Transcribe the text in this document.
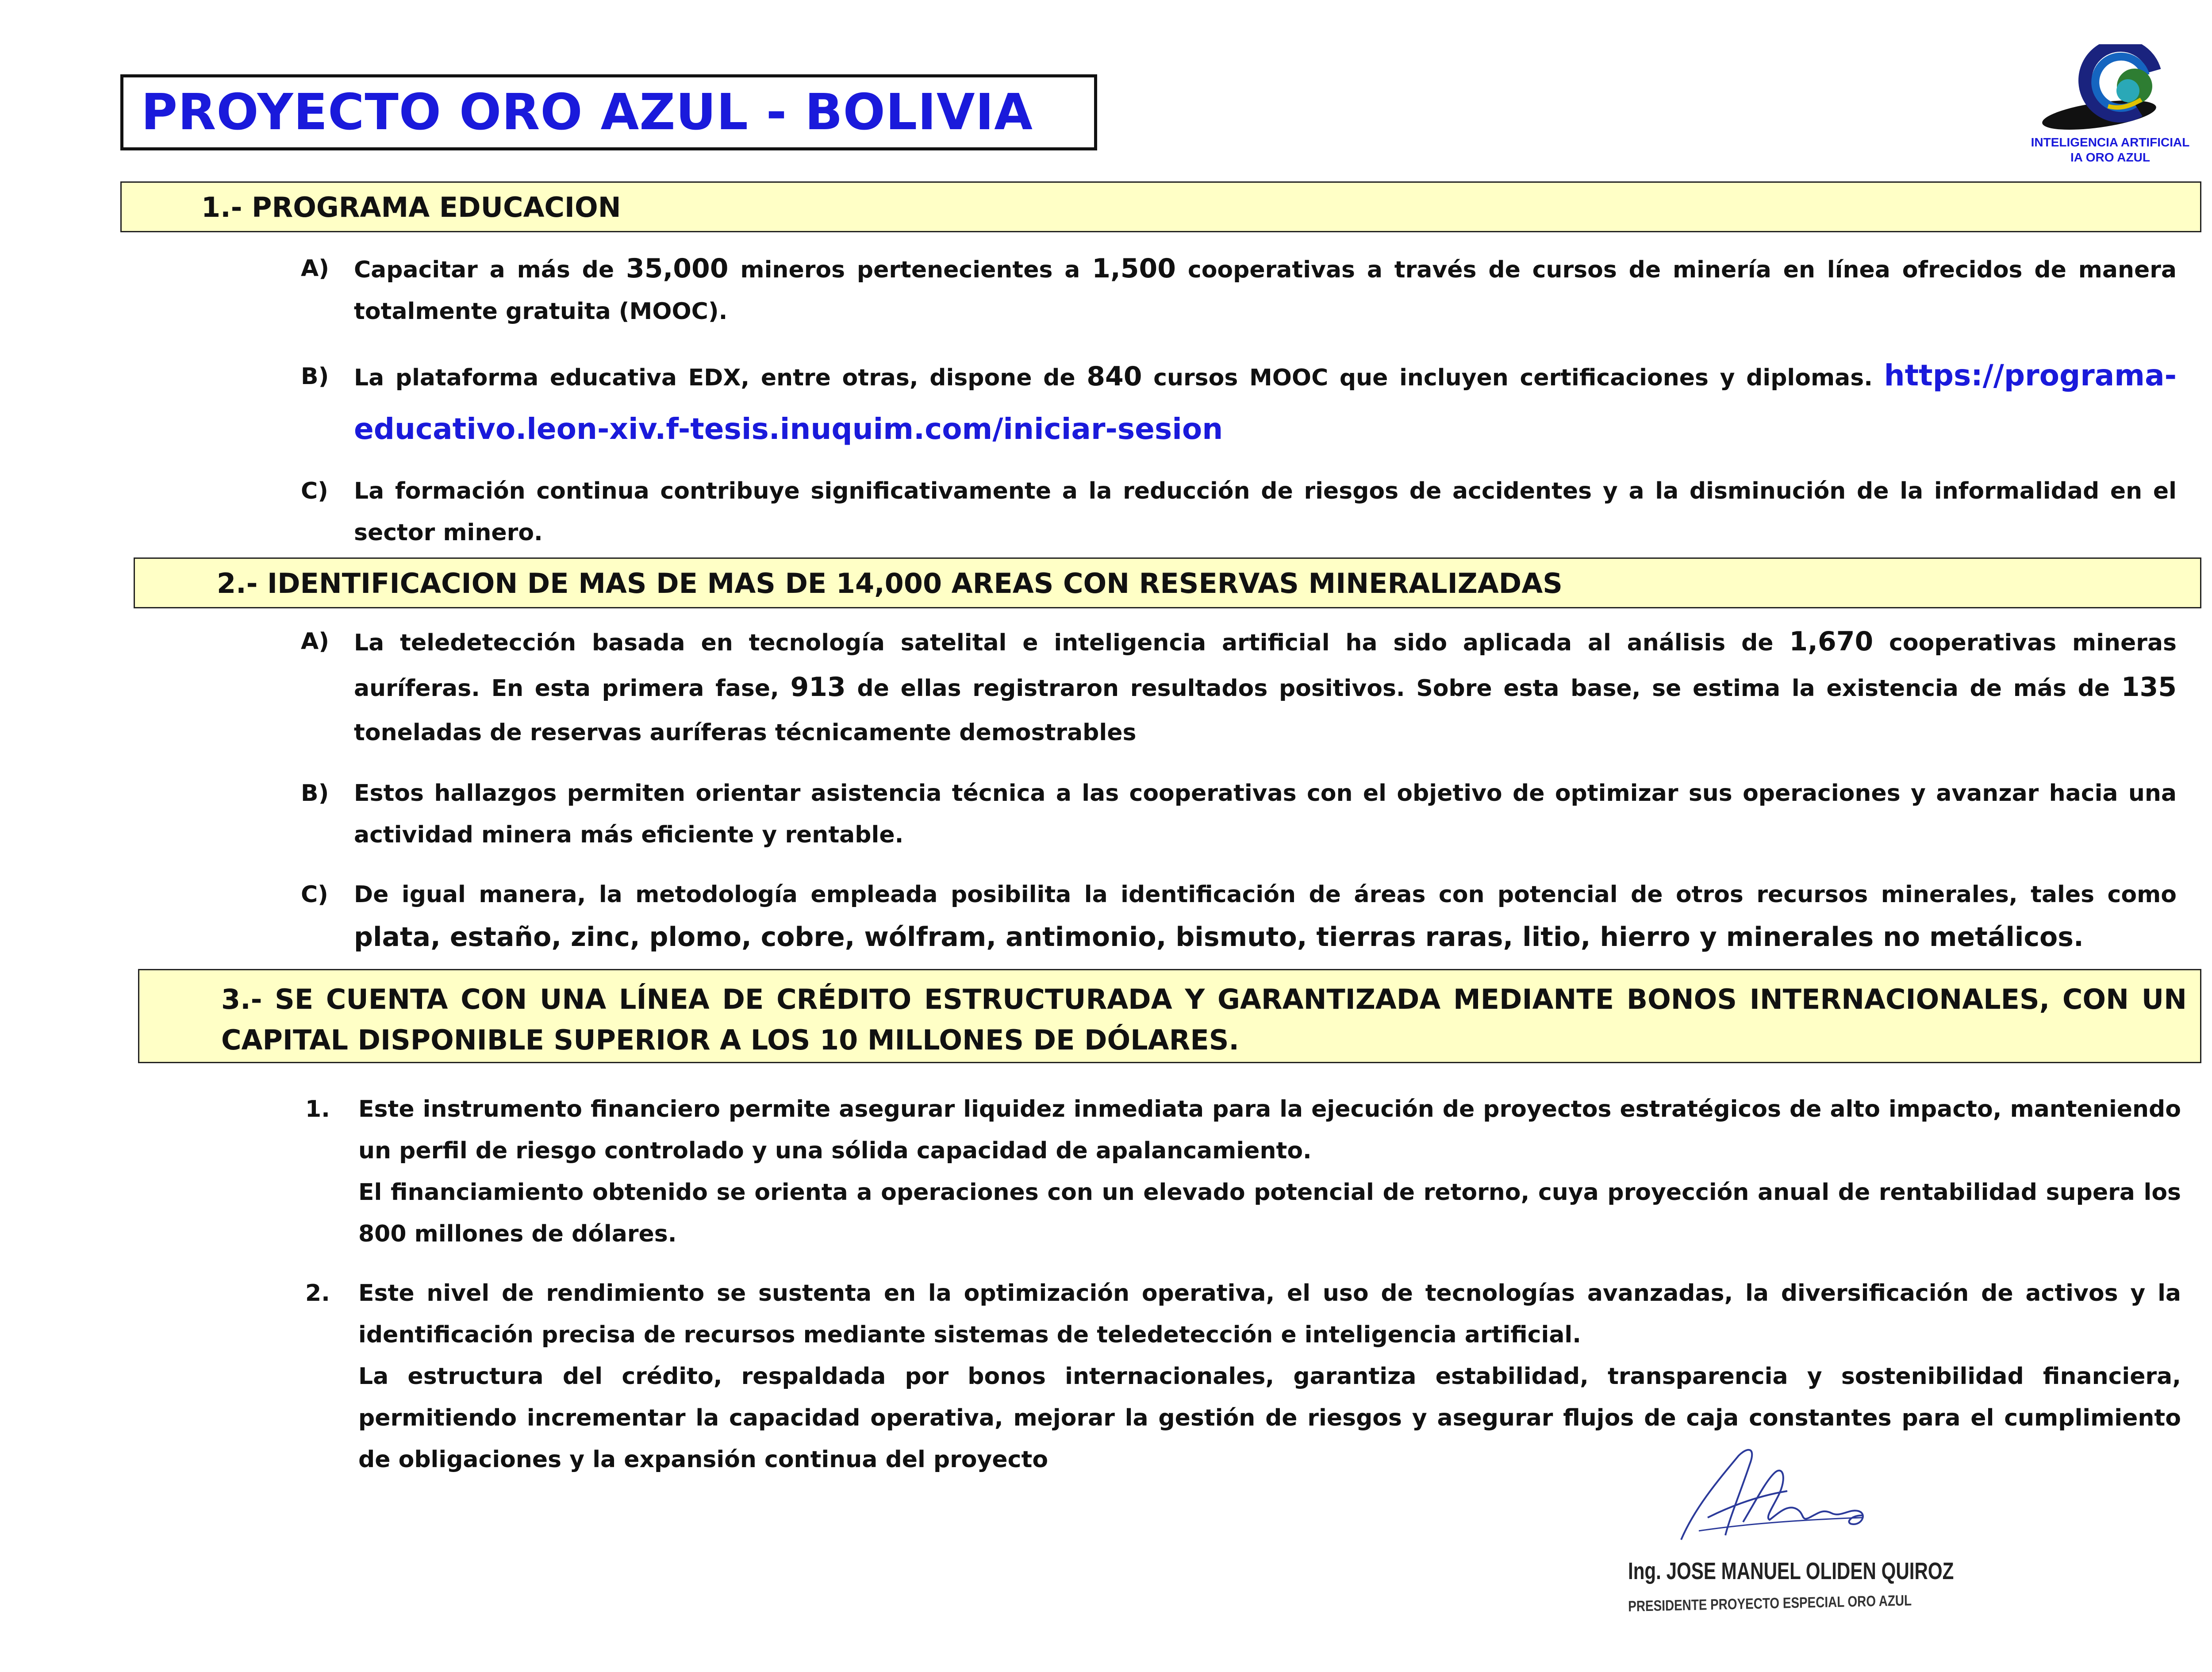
PROYECTO ORO AZUL - BOLIVIA
INTELIGENCIA ARTIFICIAL
IA ORO AZUL
1.- PROGRAMA EDUCACION
A) Capacitar a más de 35,000 mineros pertenecientes a 1,500 cooperativas a través de cursos de minería en línea ofrecidos de manera totalmente gratuita (MOOC).

B) La plataforma educativa EDX, entre otras, dispone de 840 cursos MOOC que incluyen certificaciones y diplomas. https://programa-educativo.leon-xiv.f-tesis.inuquim.com/iniciar-sesion

C) La formación continua contribuye significativamente a la reducción de riesgos de accidentes y a la disminución de la informalidad en el sector minero.

2.- IDENTIFICACION DE MAS DE MAS DE 14,000 AREAS CON RESERVAS MINERALIZADAS
A) La teledetección basada en tecnología satelital e inteligencia artificial ha sido aplicada al análisis de 1,670 cooperativas mineras auríferas. En esta primera fase, 913 de ellas registraron resultados positivos. Sobre esta base, se estima la existencia de más de 135 toneladas de reservas auríferas técnicamente demostrables

B) Estos hallazgos permiten orientar asistencia técnica a las cooperativas con el objetivo de optimizar sus operaciones y avanzar hacia una actividad minera más eficiente y rentable.

C) De igual manera, la metodología empleada posibilita la identificación de áreas con potencial de otros recursos minerales, tales como plata, estaño, zinc, plomo, cobre, wólfram, antimonio, bismuto, tierras raras, litio, hierro y minerales no metálicos.

3.- SE CUENTA CON UNA LÍNEA DE CRÉDITO ESTRUCTURADA Y GARANTIZADA MEDIANTE BONOS INTERNACIONALES, CON UN CAPITAL DISPONIBLE SUPERIOR A LOS 10 MILLONES DE DÓLARES.
1. Este instrumento financiero permite asegurar liquidez inmediata para la ejecución de proyectos estratégicos de alto impacto, manteniendo un perfil de riesgo controlado y una sólida capacidad de apalancamiento.

El financiamiento obtenido se orienta a operaciones con un elevado potencial de retorno, cuya proyección anual de rentabilidad supera los 800 millones de dólares.

2. Este nivel de rendimiento se sustenta en la optimización operativa, el uso de tecnologías avanzadas, la diversificación de activos y la identificación precisa de recursos mediante sistemas de teledetección e inteligencia artificial.

La estructura del crédito, respaldada por bonos internacionales, garantiza estabilidad, transparencia y sostenibilidad financiera, permitiendo incrementar la capacidad operativa, mejorar la gestión de riesgos y asegurar flujos de caja constantes para el cumplimiento de obligaciones y la expansión continua del proyecto

Ing. JOSE MANUEL OLIDEN QUIROZ
PRESIDENTE PROYECTO ESPECIAL ORO AZUL
